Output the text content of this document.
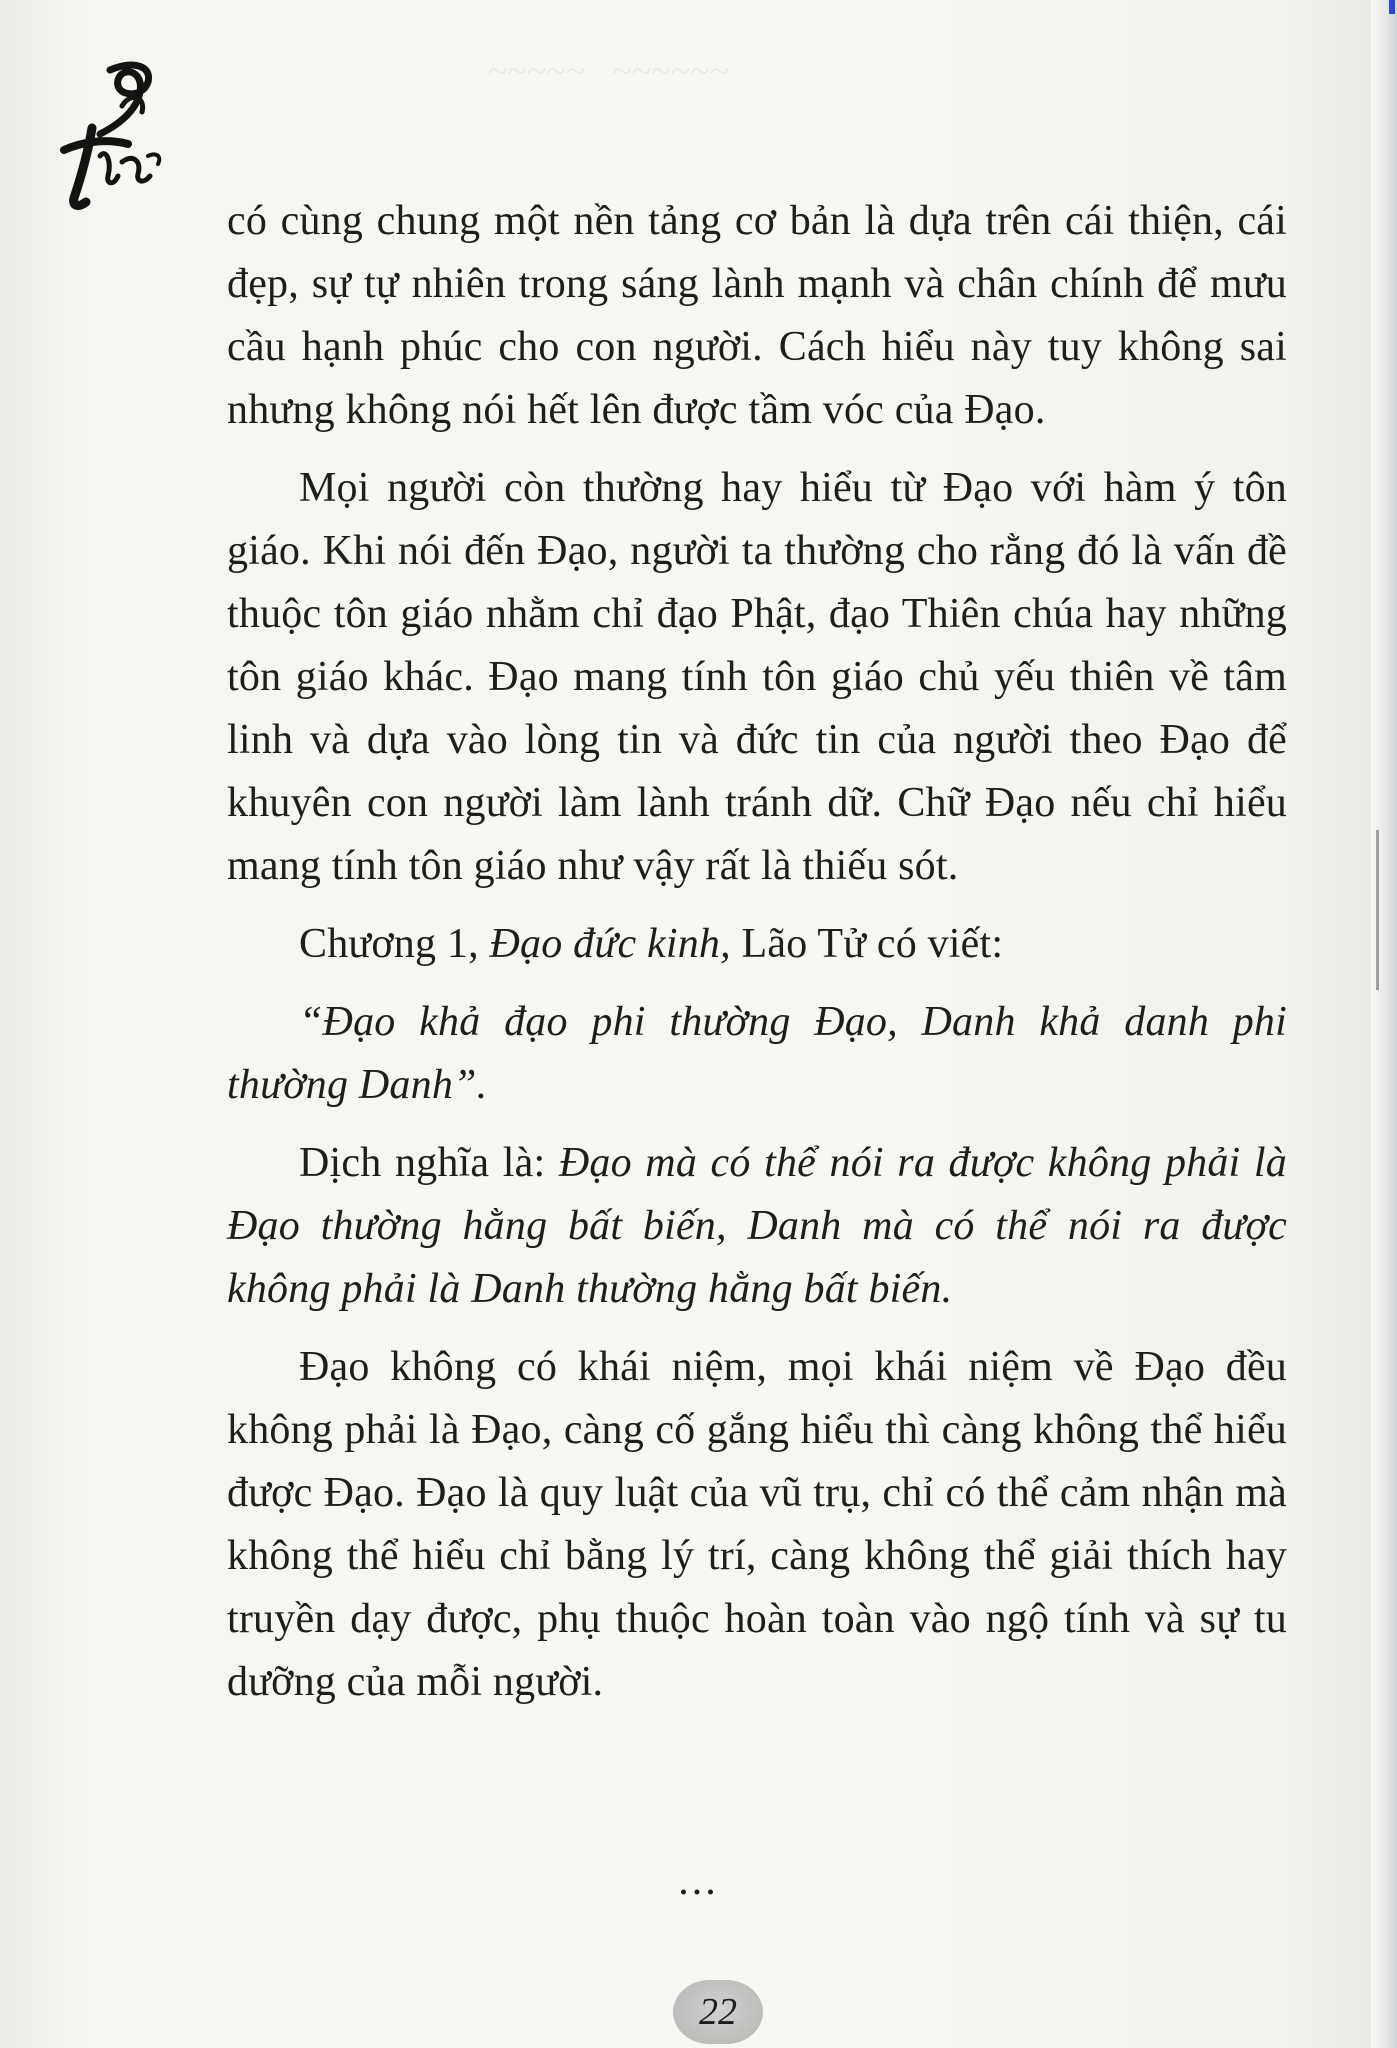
~~~~~   ~~~~~~

có cùng chung một nền tảng cơ bản là dựa trên cái thiện, cái đẹp, sự tự nhiên trong sáng lành mạnh và chân chính để mưu cầu hạnh phúc cho con người. Cách hiểu này tuy không sai nhưng không nói hết lên được tầm vóc của Đạo.

Mọi người còn thường hay hiểu từ Đạo với hàm ý tôn giáo. Khi nói đến Đạo, người ta thường cho rằng đó là vấn đề thuộc tôn giáo nhằm chỉ đạo Phật, đạo Thiên chúa hay những tôn giáo khác. Đạo mang tính tôn giáo chủ yếu thiên về tâm linh và dựa vào lòng tin và đức tin của người theo Đạo để khuyên con người làm lành tránh dữ. Chữ Đạo nếu chỉ hiểu mang tính tôn giáo như vậy rất là thiếu sót.

Chương 1, Đạo đức kinh, Lão Tử có viết:

“Đạo khả đạo phi thường Đạo, Danh khả danh phi thường Danh”.

Dịch nghĩa là: Đạo mà có thể nói ra được không phải là Đạo thường hằng bất biến, Danh mà có thể nói ra được không phải là Danh thường hằng bất biến.

Đạo không có khái niệm, mọi khái niệm về Đạo đều không phải là Đạo, càng cố gắng hiểu thì càng không thể hiểu được Đạo. Đạo là quy luật của vũ trụ, chỉ có thể cảm nhận mà không thể hiểu chỉ bằng lý trí, càng không thể giải thích hay truyền dạy được, phụ thuộc hoàn toàn vào ngộ tính và sự tu dưỡng của mỗi người.

...
22
